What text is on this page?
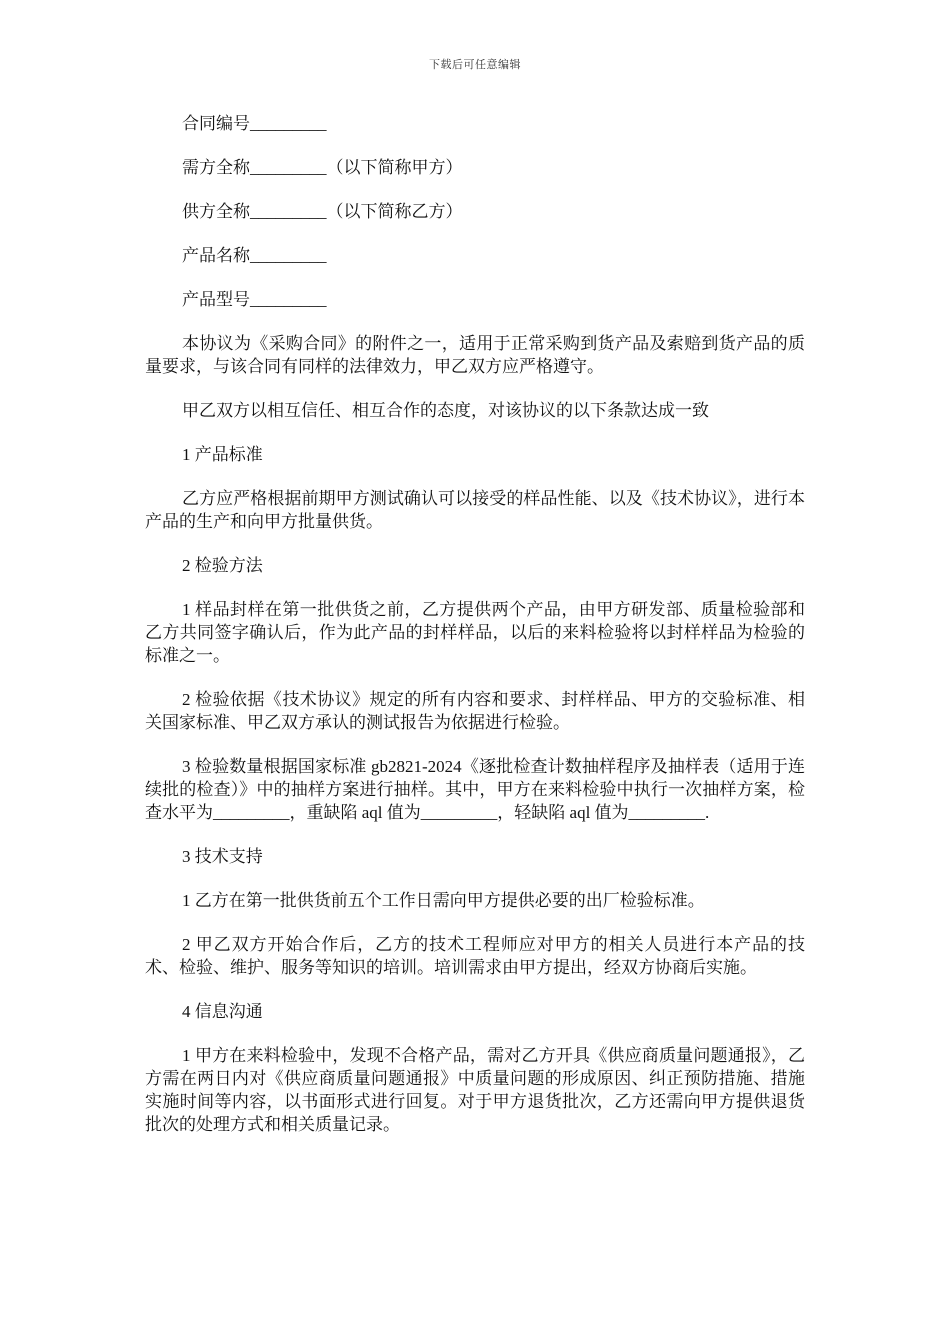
下载后可任意编辑

合同编号_________

需方全称_________（以下简称甲方）

供方全称_________（以下简称乙方）

产品名称_________

产品型号_________

本协议为《采购合同》的附件之一，适用于正常采购到货产品及索赔到货产品的质量要求，与该合同有同样的法律效力，甲乙双方应严格遵守。

甲乙双方以相互信任、相互合作的态度，对该协议的以下条款达成一致

1 产品标准

乙方应严格根据前期甲方测试确认可以接受的样品性能、以及《技术协议》，进行本产品的生产和向甲方批量供货。

2 检验方法

1 样品封样在第一批供货之前，乙方提供两个产品，由甲方研发部、质量检验部和乙方共同签字确认后，作为此产品的封样样品，以后的来料检验将以封样样品为检验的标准之一。

2 检验依据《技术协议》规定的所有内容和要求、封样样品、甲方的交验标准、相关国家标准、甲乙双方承认的测试报告为依据进行检验。

3 检验数量根据国家标准 gb2821-2024《逐批检查计数抽样程序及抽样表（适用于连续批的检查）》中的抽样方案进行抽样。其中，甲方在来料检验中执行一次抽样方案，检查水平为_________，重缺陷 aql 值为_________，轻缺陷 aql 值为_________.

3 技术支持

1 乙方在第一批供货前五个工作日需向甲方提供必要的出厂检验标准。

2 甲乙双方开始合作后，乙方的技术工程师应对甲方的相关人员进行本产品的技术、检验、维护、服务等知识的培训。培训需求由甲方提出，经双方协商后实施。

4 信息沟通

1 甲方在来料检验中，发现不合格产品，需对乙方开具《供应商质量问题通报》，乙方需在两日内对《供应商质量问题通报》中质量问题的形成原因、纠正预防措施、措施实施时间等内容，以书面形式进行回复。对于甲方退货批次，乙方还需向甲方提供退货批次的处理方式和相关质量记录。
